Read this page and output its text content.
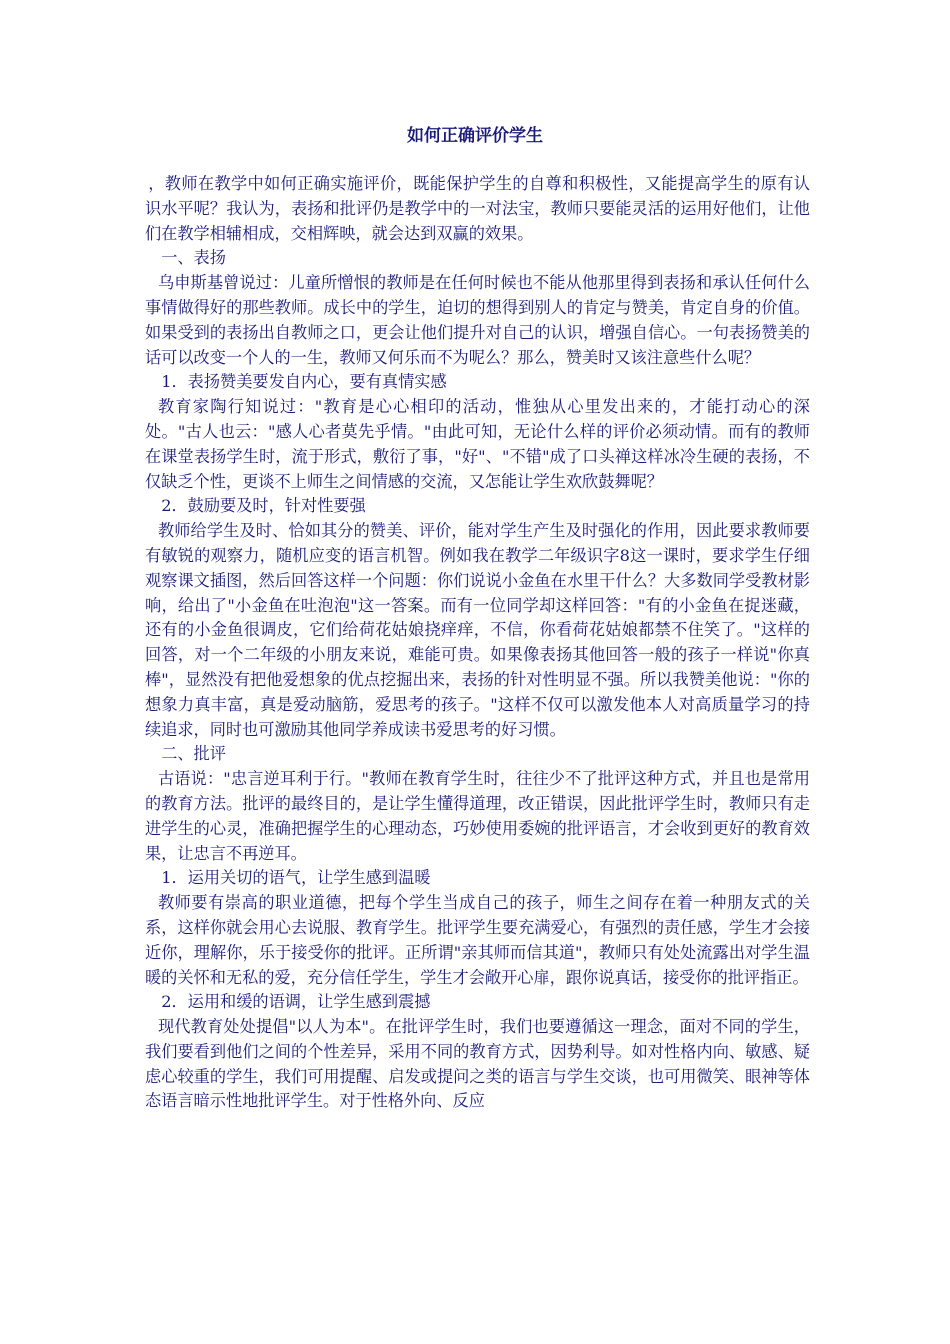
如何正确评价学生

，教师在教学中如何正确实施评价，既能保护学生的自尊和积极性，又能提高学生的原有认识水平呢？我认为，表扬和批评仍是教学中的一对法宝，教师只要能灵活的运用好他们，让他们在教学相辅相成，交相辉映，就会达到双赢的效果。

一、表扬

乌申斯基曾说过：儿童所憎恨的教师是在任何时候也不能从他那里得到表扬和承认任何什么事情做得好的那些教师。成长中的学生，迫切的想得到别人的肯定与赞美，肯定自身的价值。如果受到的表扬出自教师之口，更会让他们提升对自己的认识，增强自信心。一句表扬赞美的话可以改变一个人的一生，教师又何乐而不为呢么？那么，赞美时又该注意些什么呢？

1．表扬赞美要发自内心，要有真情实感

教育家陶行知说过："教育是心心相印的活动，惟独从心里发出来的，才能打动心的深处。"古人也云："感人心者莫先乎情。"由此可知，无论什么样的评价必须动情。而有的教师在课堂表扬学生时，流于形式，敷衍了事，"好"、"不错"成了口头禅这样冰冷生硬的表扬，不仅缺乏个性，更谈不上师生之间情感的交流，又怎能让学生欢欣鼓舞呢？

2．鼓励要及时，针对性要强

教师给学生及时、恰如其分的赞美、评价，能对学生产生及时强化的作用，因此要求教师要有敏锐的观察力，随机应变的语言机智。例如我在教学二年级识字8这一课时，要求学生仔细观察课文插图，然后回答这样一个问题：你们说说小金鱼在水里干什么？大多数同学受教材影响，给出了"小金鱼在吐泡泡"这一答案。而有一位同学却这样回答："有的小金鱼在捉迷藏，还有的小金鱼很调皮，它们给荷花姑娘挠痒痒，不信，你看荷花姑娘都禁不住笑了。"这样的回答，对一个二年级的小朋友来说，难能可贵。如果像表扬其他回答一般的孩子一样说"你真棒"，显然没有把他爱想象的优点挖掘出来，表扬的针对性明显不强。所以我赞美他说："你的想象力真丰富，真是爱动脑筋，爱思考的孩子。"这样不仅可以激发他本人对高质量学习的持续追求，同时也可激励其他同学养成读书爱思考的好习惯。

二、批评

古语说："忠言逆耳利于行。"教师在教育学生时，往往少不了批评这种方式，并且也是常用的教育方法。批评的最终目的，是让学生懂得道理，改正错误，因此批评学生时，教师只有走进学生的心灵，准确把握学生的心理动态，巧妙使用委婉的批评语言，才会收到更好的教育效果，让忠言不再逆耳。

1．运用关切的语气，让学生感到温暖

教师要有崇高的职业道德，把每个学生当成自己的孩子，师生之间存在着一种朋友式的关系，这样你就会用心去说服、教育学生。批评学生要充满爱心，有强烈的责任感，学生才会接近你，理解你，乐于接受你的批评。正所谓"亲其师而信其道"，教师只有处处流露出对学生温暖的关怀和无私的爱，充分信任学生，学生才会敞开心扉，跟你说真话，接受你的批评指正。

2．运用和缓的语调，让学生感到震撼

现代教育处处提倡"以人为本"。在批评学生时，我们也要遵循这一理念，面对不同的学生，我们要看到他们之间的个性差异，采用不同的教育方式，因势利导。如对性格内向、敏感、疑虑心较重的学生，我们可用提醒、启发或提问之类的语言与学生交谈，也可用微笑、眼神等体态语言暗示性地批评学生。对于性格外向、反应
